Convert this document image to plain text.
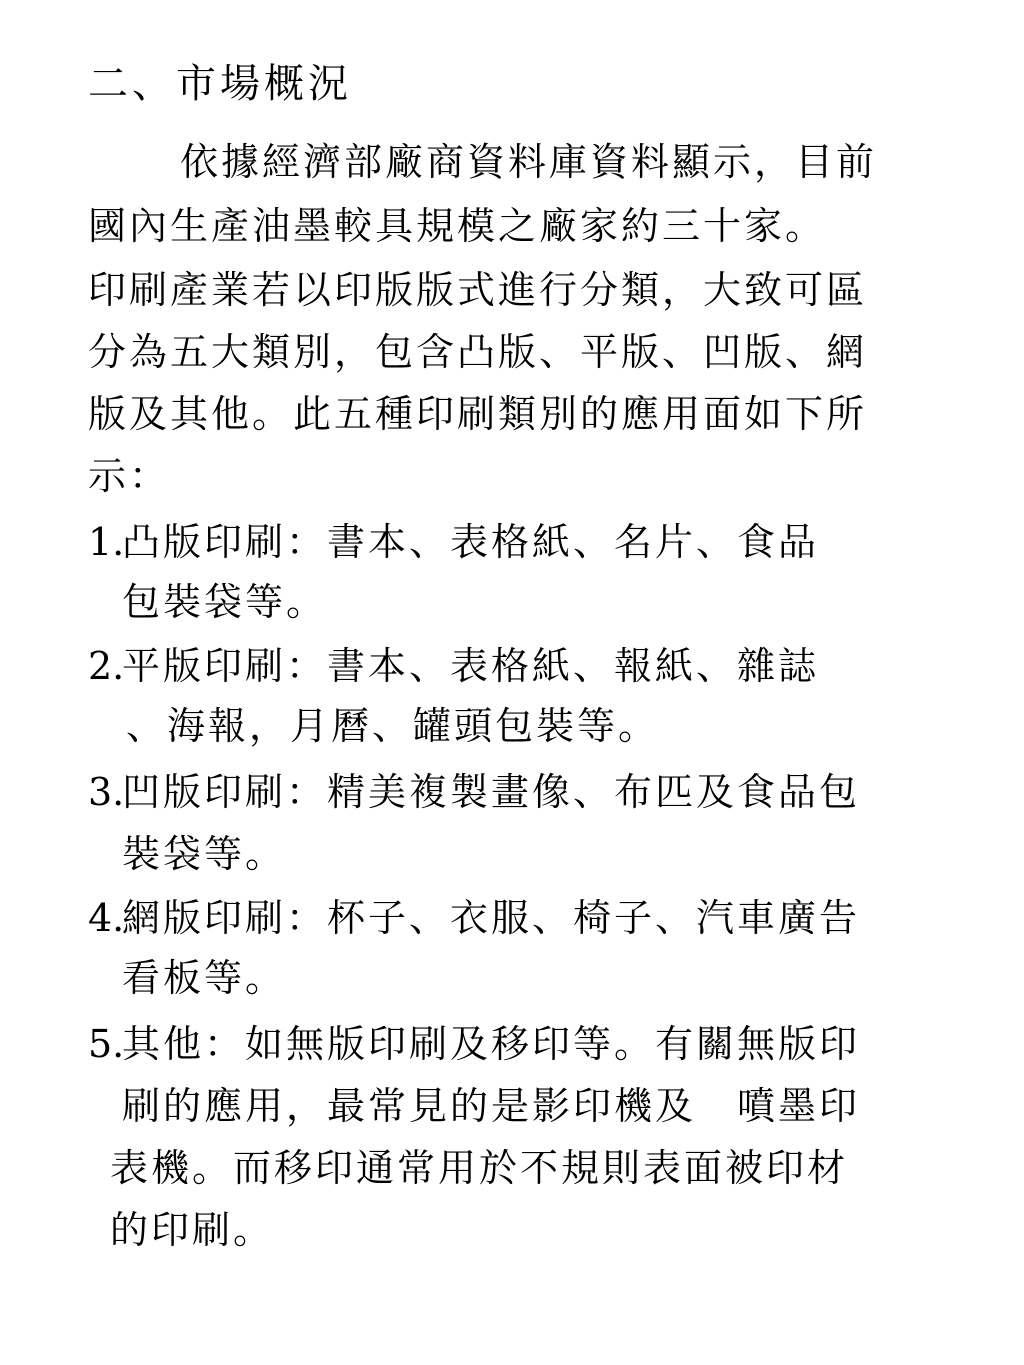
二、市場概況
依據經濟部廠商資料庫資料顯示，目前
國內生產油墨較具規模之廠家約三十家。
印刷產業若以印版版式進行分類，大致可區
分為五大類別，包含凸版、平版、凹版、網
版及其他。此五種印刷類別的應用面如下所
示：
1.
凸版印刷：書本、表格紙、名片、食品
包裝袋等。
2.
平版印刷：書本、表格紙、報紙、雜誌
、海報，月曆、罐頭包裝等。
3.
凹版印刷：精美複製畫像、布匹及食品包
裝袋等。
4.
網版印刷：杯子、衣服、椅子、汽車廣告
看板等。
5.
其他：如無版印刷及移印等。有關無版印
刷的應用，最常見的是影印機及　噴墨印
表機。而移印通常用於不規則表面被印材
的印刷。
